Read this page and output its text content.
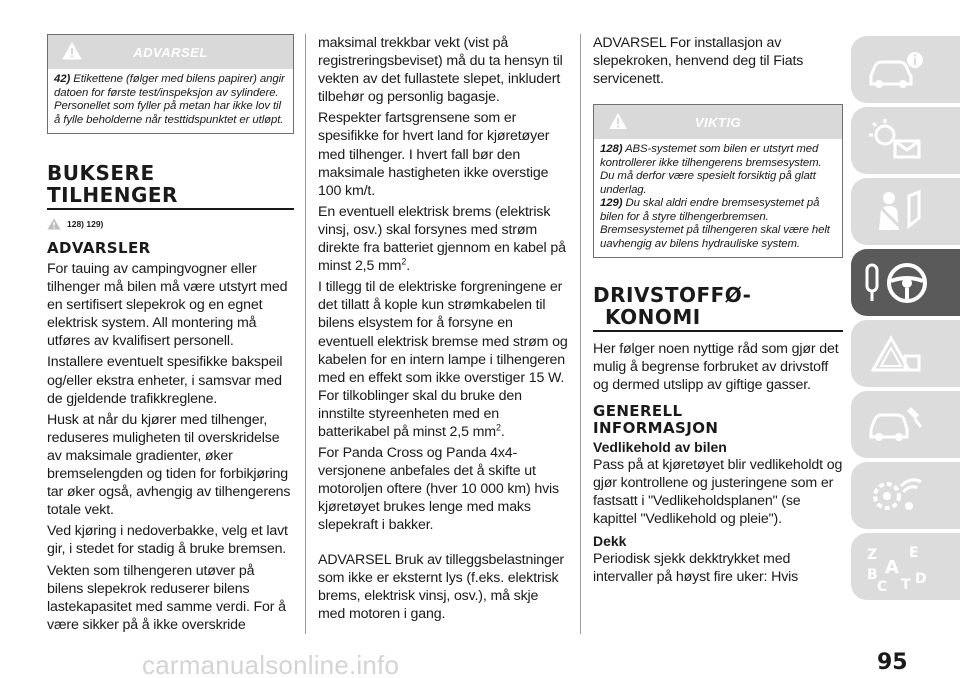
ADVARSEL
42) Etikettene (følger med bilens papirer) angir datoen for første test/inspeksjon av sylindere. Personellet som fyller på metan har ikke lov til å fylle beholderne når testtidspunktet er utløpt.
BUKSERE
TILHENGER
128) 129)
ADVARSLER

For tauing av campingvogner eller tilhenger må bilen må være utstyrt med en sertifisert slepekrok og en egnet elektrisk system. All montering må utføres av kvalifisert personell.

Installere eventuelt spesifikke bakspeil og/eller ekstra enheter, i samsvar med de gjeldende trafikkreglene.

Husk at når du kjører med tilhenger, reduseres muligheten til overskridelse av maksimale gradienter, øker bremselengden og tiden for forbikjøring tar øker også, avhengig av tilhengerens totale vekt.

Ved kjøring i nedoverbakke, velg et lavt gir, i stedet for stadig å bruke bremsen.

Vekten som tilhengeren utøver på bilens slepekrok reduserer bilens lastekapasitet med samme verdi. For å være sikker på å ikke overskride

maksimal trekkbar vekt (vist på registreringsbeviset) må du ta hensyn til vekten av det fullastete slepet, inkludert tilbehør og personlig bagasje.

Respekter fartsgrensene som er spesifikke for hvert land for kjøretøyer med tilhenger. I hvert fall bør den maksimale hastigheten ikke overstige 100 km/t.

En eventuell elektrisk brems (elektrisk vinsj, osv.) skal forsynes med strøm direkte fra batteriet gjennom en kabel på minst 2,5 $mm^2$.

I tillegg til de elektriske forgreningene er det tillatt å kople kun strømkabelen til bilens elsystem for å forsyne en eventuell elektrisk bremse med strøm og kabelen for en intern lampe i tilhengeren med en effekt som ikke overstiger 15 W. For tilkoblinger skal du bruke den innstilte styreenheten med en batterikabel på minst 2,5 $mm^2$.

For Panda Cross og Panda 4x4-versjonene anbefales det å skifte ut motoroljen oftere (hver 10 000 km) hvis kjøretøyet brukes lenge med maks slepekraft i bakker.

ADVARSEL Bruk av tilleggsbelastninger som ikke er eksternt lys (f.eks. elektrisk brems, elektrisk vinsj, osv.), må skje med motoren i gang.

ADVARSEL For installasjon av slepekroken, henvend deg til Fiats servicenett.

VIKTIG
128) ABS-systemet som bilen er utstyrt med kontrollerer ikke tilhengerens bremsesystem. Du må derfor være spesielt forsiktig på glatt underlag.
129) Du skal aldri endre bremsesystemet på bilen for å styre tilhengerbremsen. Bremsesystemet på tilhengeren skal være helt uavhengig av bilens hydrauliske system.
DRIVSTOFFØ-
KONOMI

Her følger noen nyttige råd som gjør det mulig å begrense forbruket av drivstoff og dermed utslipp av giftige gasser.

GENERELL
INFORMASJON
Vedlikehold av bilen

Pass på at kjøretøyet blir vedlikeholdt og gjør kontrollene og justeringene som er fastsatt i "Vedlikeholdsplanen" (se kapittel "Vedlikehold og pleie").

Dekk

Periodisk sjekk dekktrykket med intervaller på høyst fire uker: Hvis

Z E
A
B
C T D
95
carmanualsonline.info
